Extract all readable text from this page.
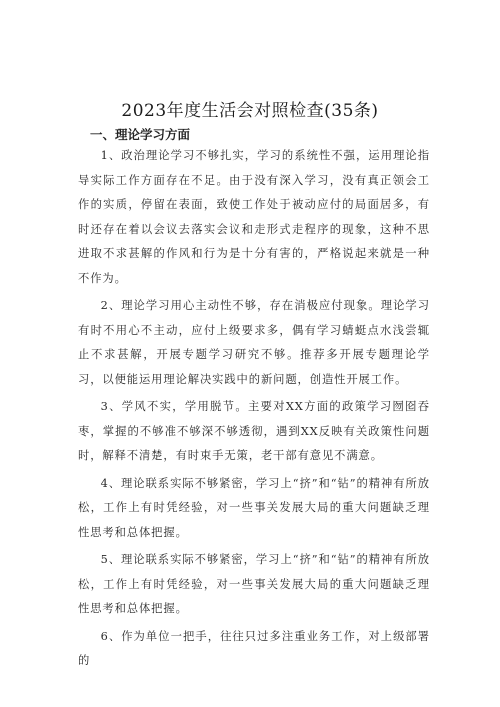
2023年度生活会对照检查(35条)
一、理论学习方面

1、政治理论学习不够扎实，学习的系统性不强，运用理论指导实际工作方面存在不足。由于没有深入学习，没有真正领会工作的实质，停留在表面，致使工作处于被动应付的局面居多，有时还存在着以会议去落实会议和走形式走程序的现象，这种不思进取不求甚解的作风和行为是十分有害的，严格说起来就是一种不作为。

2、理论学习用心主动性不够，存在消极应付现象。理论学习有时不用心不主动，应付上级要求多，偶有学习蜻蜓点水浅尝辄止不求甚解，开展专题学习研究不够。推荐多开展专题理论学习，以便能运用理论解决实践中的新问题，创造性开展工作。

3、学风不实，学用脱节。主要对XX方面的政策学习囫囵吞枣，掌握的不够准不够深不够透彻，遇到XX反映有关政策性问题时，解释不清楚，有时束手无策，老干部有意见不满意。

4、理论联系实际不够紧密，学习上“挤”和“钻”的精神有所放松，工作上有时凭经验，对一些事关发展大局的重大问题缺乏理性思考和总体把握。

5、理论联系实际不够紧密，学习上“挤”和“钻”的精神有所放松，工作上有时凭经验，对一些事关发展大局的重大问题缺乏理性思考和总体把握。

6、作为单位一把手，往往只过多注重业务工作，对上级部署的
